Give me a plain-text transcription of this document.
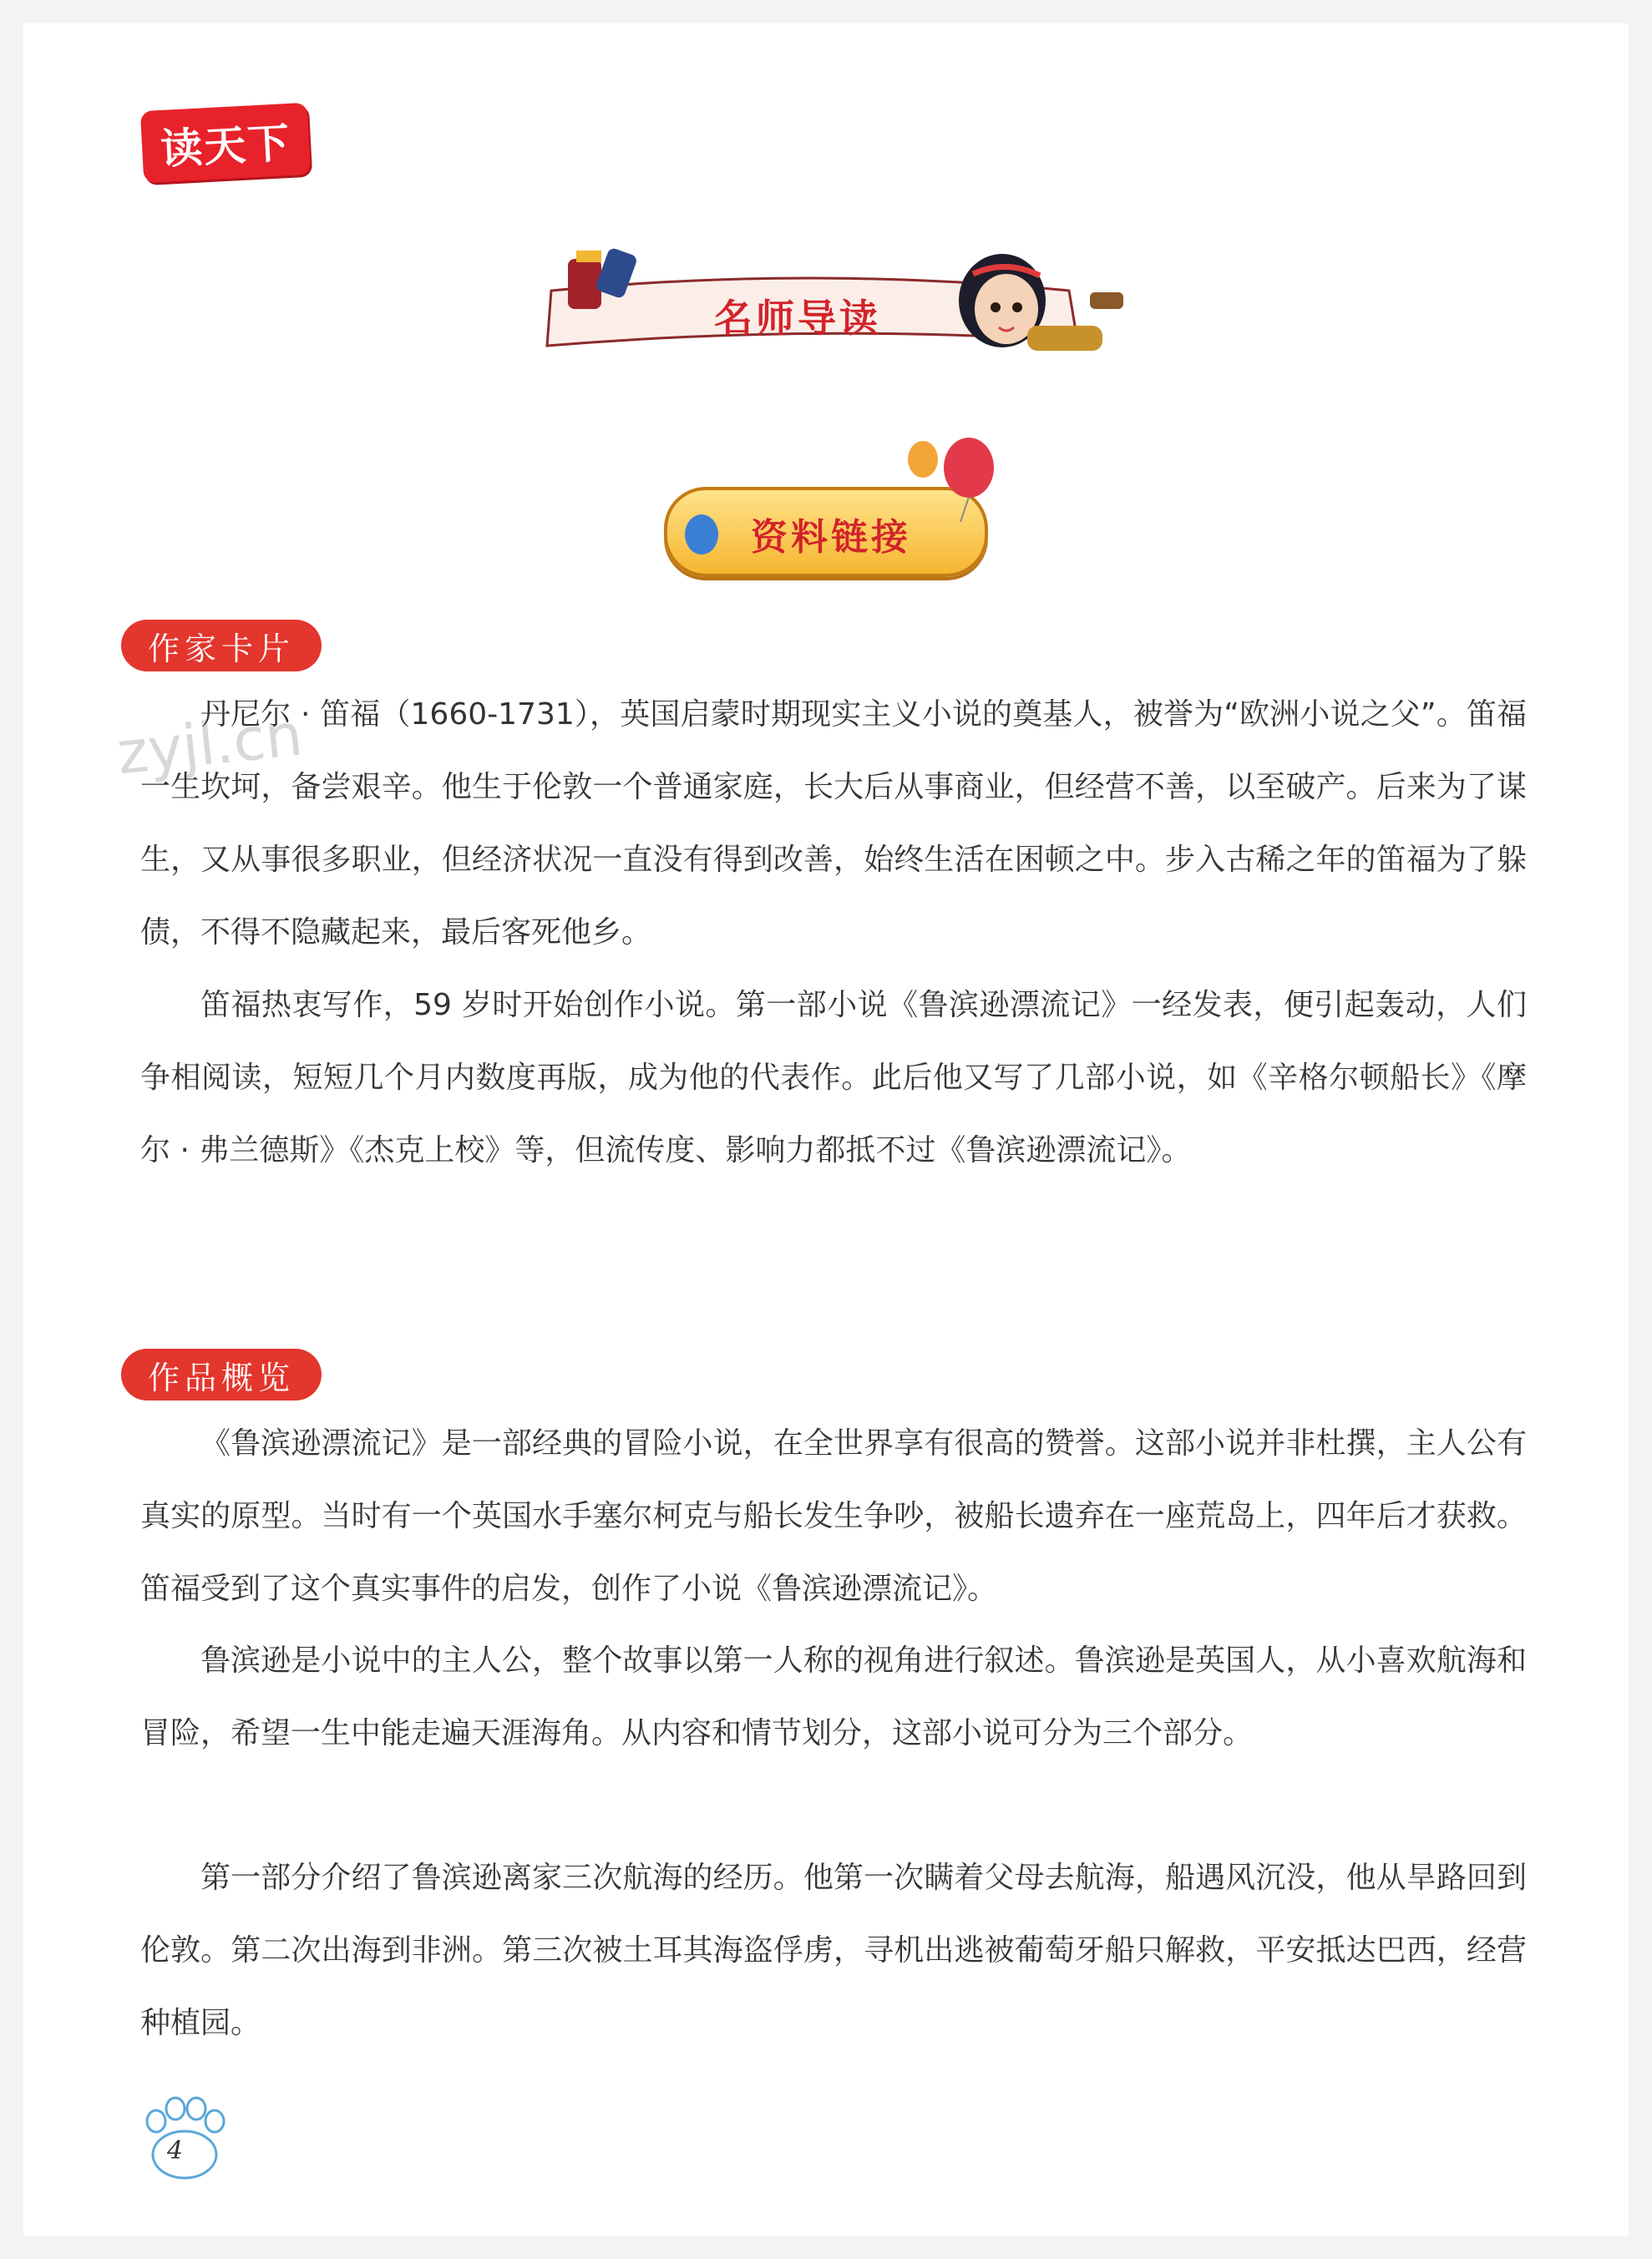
读天下
名师导读
资料链接
zyjl.cn
作家卡片

丹尼尔 · 笛福（1660-1731），英国启蒙时期现实主义小说的奠基人，被誉为“欧洲小说之父”。笛福一生坎坷，备尝艰辛。他生于伦敦一个普通家庭，长大后从事商业，但经营不善，以至破产。后来为了谋生，又从事很多职业，但经济状况一直没有得到改善，始终生活在困顿之中。步入古稀之年的笛福为了躲债，不得不隐藏起来，最后客死他乡。

笛福热衷写作，59 岁时开始创作小说。第一部小说《鲁滨逊漂流记》一经发表，便引起轰动，人们争相阅读，短短几个月内数度再版，成为他的代表作。此后他又写了几部小说，如《辛格尔顿船长》《摩尔 · 弗兰德斯》《杰克上校》等，但流传度、影响力都抵不过《鲁滨逊漂流记》。

作品概览

《鲁滨逊漂流记》是一部经典的冒险小说，在全世界享有很高的赞誉。这部小说并非杜撰，主人公有真实的原型。当时有一个英国水手塞尔柯克与船长发生争吵，被船长遗弃在一座荒岛上，四年后才获救。笛福受到了这个真实事件的启发，创作了小说《鲁滨逊漂流记》。

鲁滨逊是小说中的主人公，整个故事以第一人称的视角进行叙述。鲁滨逊是英国人，从小喜欢航海和冒险，希望一生中能走遍天涯海角。从内容和情节划分，这部小说可分为三个部分。

第一部分介绍了鲁滨逊离家三次航海的经历。他第一次瞒着父母去航海，船遇风沉没，他从旱路回到伦敦。第二次出海到非洲。第三次被土耳其海盗俘虏，寻机出逃被葡萄牙船只解救，平安抵达巴西，经营种植园。

4
